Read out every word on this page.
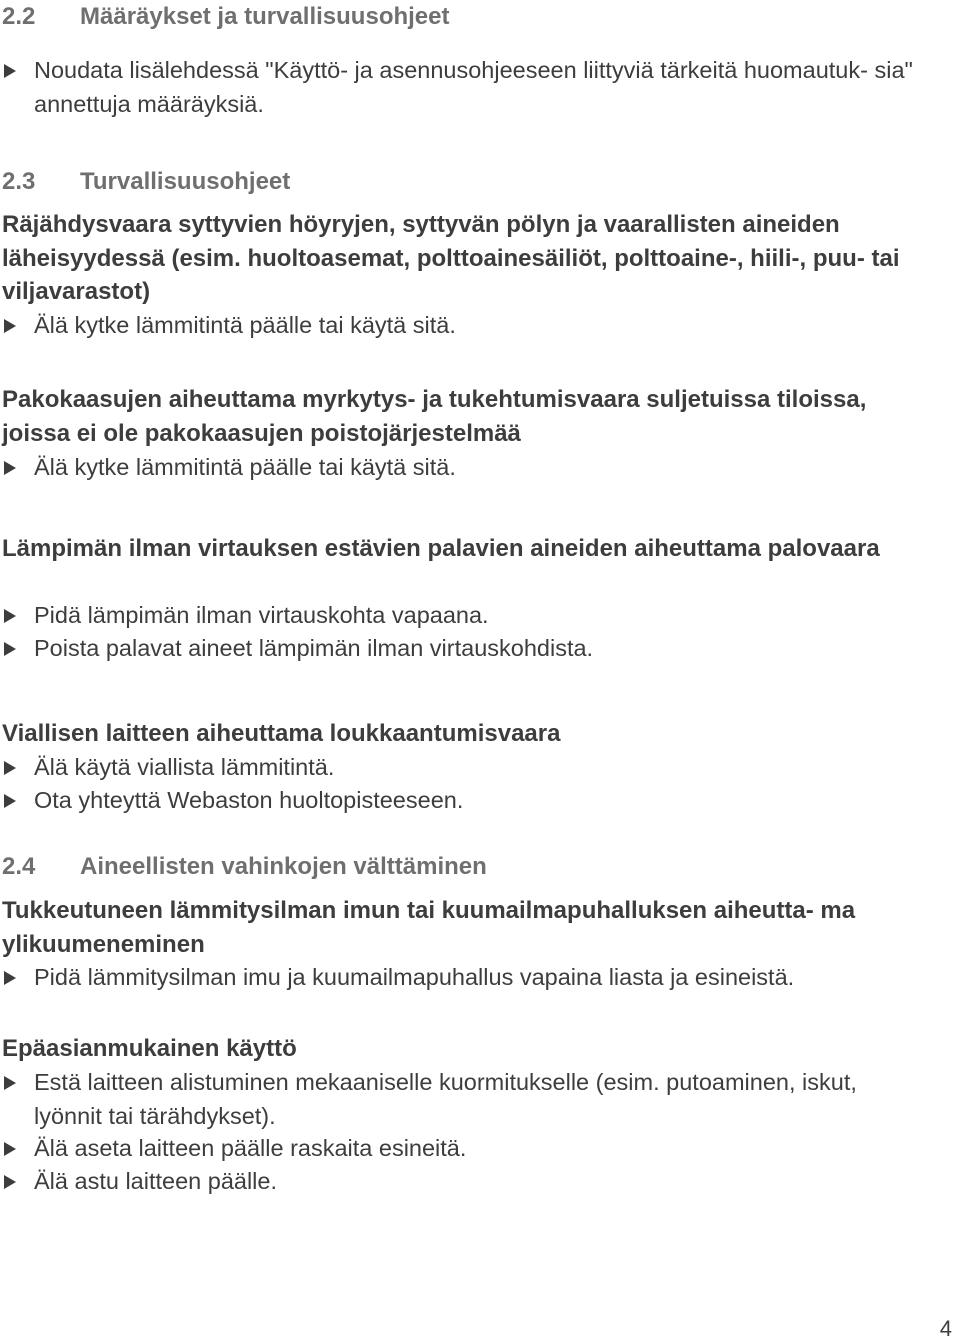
2.2 Määräykset ja turvallisuusohjeet
Noudata lisälehdessä "Käyttö- ja asennusohjeeseen liittyviä tärkeitä huomautuk- sia" annettuja määräyksiä.
2.3 Turvallisuusohjeet
Räjähdysvaara syttyvien höyryjen, syttyvän pölyn ja vaarallisten aineiden läheisyydessä (esim. huoltoasemat, polttoainesäiliöt, polttoaine-, hiili-, puu- tai viljavarastot)
Älä kytke lämmitintä päälle tai käytä sitä.
Pakokaasujen aiheuttama myrkytys- ja tukehtumisvaara suljetuissa tiloissa, joissa ei ole pakokaasujen poistojärjestelmää
Älä kytke lämmitintä päälle tai käytä sitä.
Lämpimän ilman virtauksen estävien palavien aineiden aiheuttama palovaara
Pidä lämpimän ilman virtauskohta vapaana.
Poista palavat aineet lämpimän ilman virtauskohdista.
Viallisen laitteen aiheuttama loukkaantumisvaara
Älä käytä viallista lämmitintä.
Ota yhteyttä Webaston huoltopisteeseen.
2.4 Aineellisten vahinkojen välttäminen
Tukkeutuneen lämmitysilman imun tai kuumailmapuhalluksen aiheutta- ma ylikuumeneminen
Pidä lämmitysilman imu ja kuumailmapuhallus vapaina liasta ja esineistä.
Epäasianmukainen käyttö
Estä laitteen alistuminen mekaaniselle kuormitukselle (esim. putoaminen, iskut, lyönnit tai tärähdykset).
Älä aseta laitteen päälle raskaita esineitä.
Älä astu laitteen päälle.
4
